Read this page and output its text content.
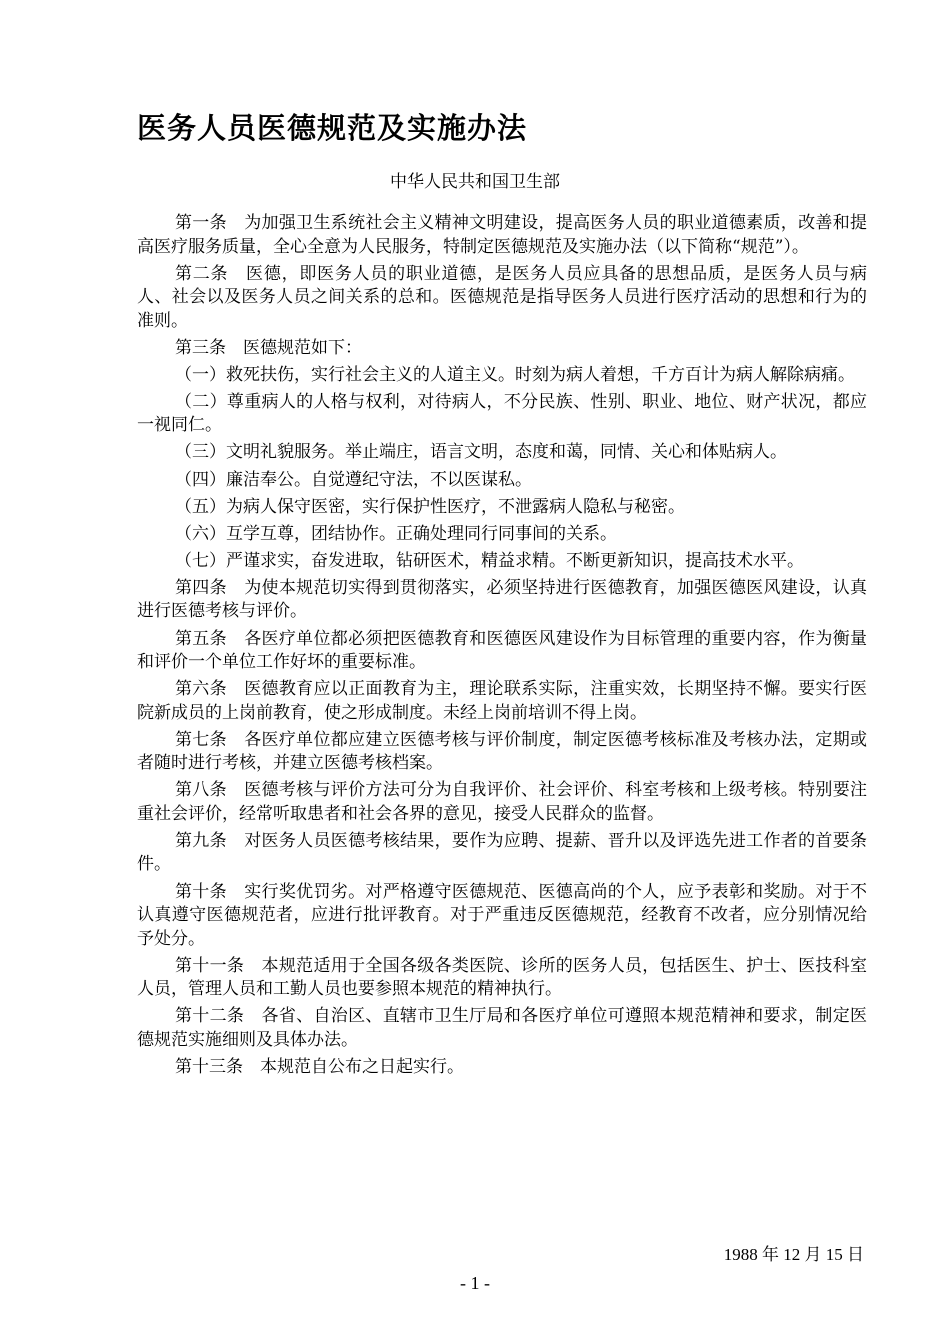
医务人员医德规范及实施办法
中华人民共和国卫生部

第一条　为加强卫生系统社会主义精神文明建设，提高医务人员的职业道德素质，改善和提高医疗服务质量，全心全意为人民服务，特制定医德规范及实施办法（以下简称“规范”）。

第二条　医德，即医务人员的职业道德，是医务人员应具备的思想品质，是医务人员与病人、社会以及医务人员之间关系的总和。医德规范是指导医务人员进行医疗活动的思想和行为的准则。

第三条　医德规范如下：

（一）救死扶伤，实行社会主义的人道主义。时刻为病人着想，千方百计为病人解除病痛。

（二）尊重病人的人格与权利，对待病人，不分民族、性别、职业、地位、财产状况，都应一视同仁。

（三）文明礼貌服务。举止端庄，语言文明，态度和蔼，同情、关心和体贴病人。

（四）廉洁奉公。自觉遵纪守法，不以医谋私。

（五）为病人保守医密，实行保护性医疗，不泄露病人隐私与秘密。

（六）互学互尊，团结协作。正确处理同行同事间的关系。

（七）严谨求实，奋发进取，钻研医术，精益求精。不断更新知识，提高技术水平。

第四条　为使本规范切实得到贯彻落实，必须坚持进行医德教育，加强医德医风建设，认真进行医德考核与评价。

第五条　各医疗单位都必须把医德教育和医德医风建设作为目标管理的重要内容，作为衡量和评价一个单位工作好坏的重要标准。

第六条　医德教育应以正面教育为主，理论联系实际，注重实效，长期坚持不懈。要实行医院新成员的上岗前教育，使之形成制度。未经上岗前培训不得上岗。

第七条　各医疗单位都应建立医德考核与评价制度，制定医德考核标准及考核办法，定期或者随时进行考核，并建立医德考核档案。

第八条　医德考核与评价方法可分为自我评价、社会评价、科室考核和上级考核。特别要注重社会评价，经常听取患者和社会各界的意见，接受人民群众的监督。

第九条　对医务人员医德考核结果，要作为应聘、提薪、晋升以及评选先进工作者的首要条件。

第十条　实行奖优罚劣。对严格遵守医德规范、医德高尚的个人，应予表彰和奖励。对于不认真遵守医德规范者，应进行批评教育。对于严重违反医德规范，经教育不改者，应分别情况给予处分。

第十一条　本规范适用于全国各级各类医院、诊所的医务人员，包括医生、护士、医技科室人员，管理人员和工勤人员也要参照本规范的精神执行。

第十二条　各省、自治区、直辖市卫生厅局和各医疗单位可遵照本规范精神和要求，制定医德规范实施细则及具体办法。

第十三条　本规范自公布之日起实行。

1988 年 12 月 15 日
- 1 -
